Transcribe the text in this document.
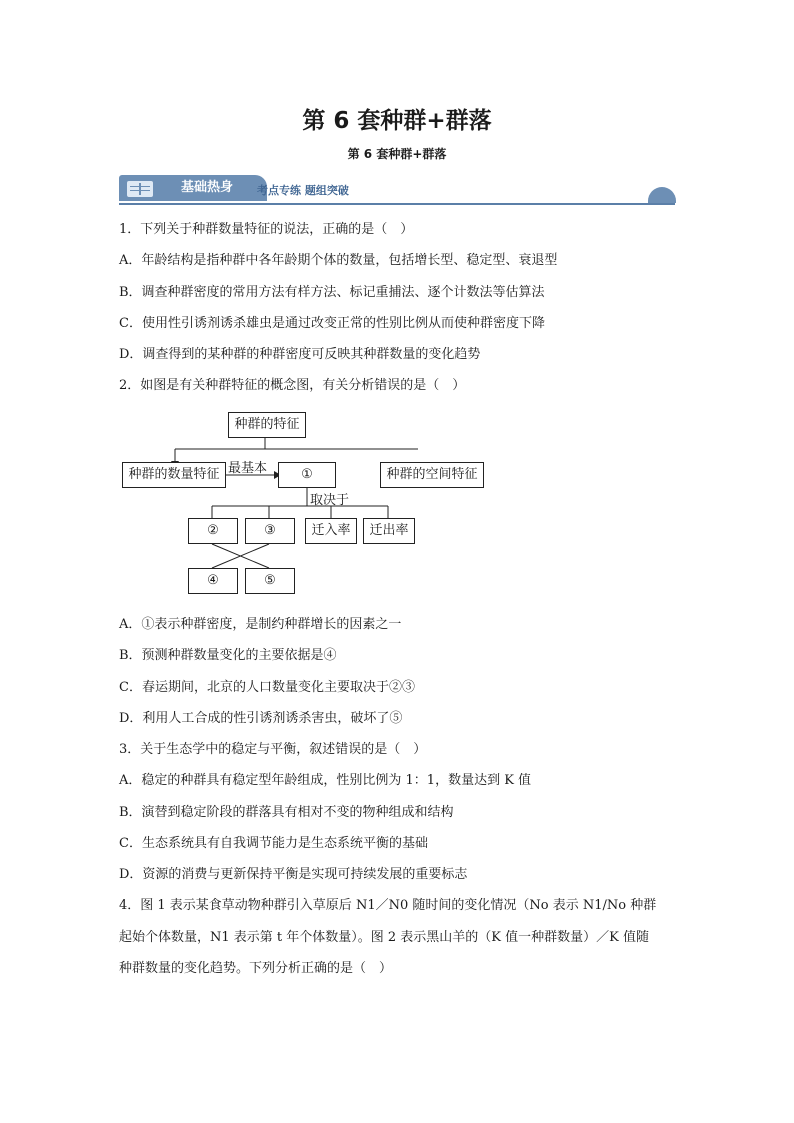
第 6 套种群+群落
第 6 套种群+群落
基础热身 考点专练 题组突破
1．下列关于种群数量特征的说法，正确的是（　）
A．年龄结构是指种群中各年龄期个体的数量，包括增长型、稳定型、衰退型
B．调查种群密度的常用方法有样方法、标记重捕法、逐个计数法等估算法
C．使用性引诱剂诱杀雄虫是通过改变正常的性别比例从而使种群密度下降
D．调查得到的某种群的种群密度可反映其种群数量的变化趋势
2．如图是有关种群特征的概念图，有关分析错误的是（　）
种群的特征
种群的数量特征	①	种群的空间特征
最基本
取决于
②	③	迁入率	迁出率
④	⑤
A．①表示种群密度，是制约种群增长的因素之一
B．预测种群数量变化的主要依据是④
C．春运期间，北京的人口数量变化主要取决于②③
D．利用人工合成的性引诱剂诱杀害虫，破坏了⑤
3．关于生态学中的稳定与平衡，叙述错误的是（　）
A．稳定的种群具有稳定型年龄组成，性别比例为 1：1，数量达到 K 值
B．演替到稳定阶段的群落具有相对不变的物种组成和结构
C．生态系统具有自我调节能力是生态系统平衡的基础
D．资源的消费与更新保持平衡是实现可持续发展的重要标志
4．图 1 表示某食草动物种群引入草原后 N1／N0 随时间的变化情况（No 表示 N1/No 种群
起始个体数量，N1 表示第 t 年个体数量）。图 2 表示黑山羊的（K 值一种群数量）／K 值随
种群数量的变化趋势。下列分析正确的是（　）
